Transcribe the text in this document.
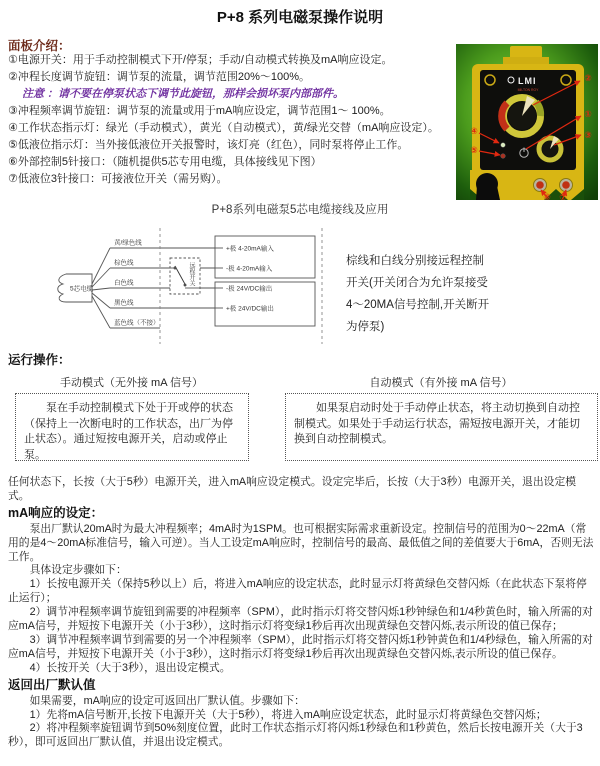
P+8 系列电磁泵操作说明
面板介绍：
①电源开关：用于手动控制模式下开/停泵；手动/自动模式转换及mA响应设定。
②冲程长度调节旋钮：调节泵的流量，调节范围20%～100%。
注意 ：请不要在停泵状态下调节此旋钮，那样会损坏泵内部部件。
③冲程频率调节旋钮：调节泵的流量或用于mA响应设定，调节范围1～ 100%。
④工作状态指示灯：绿光（手动模式），黄光（自动模式），黄/绿光交替（mA响应设定）。
⑤低液位指示灯：当外接低液位开关报警时，该灯亮（红色），同时泵将停止工作。
⑥外部控制5针接口：（随机提供5芯专用电缆，具体接线见下图）
⑦低液位3针接口：可接液位开关（需另购）。
LMI
MILTON ROY
②
①
③
④
⑤
⑥ ⑦
P+8系列电磁泵5芯电缆接线及应用
5芯电缆
黄/绿色线
棕色线
白色线
黑色线
蓝色线（不接）
远程开关
+极 4-20mA输入
-极 4-20mA输入
-极 24V/DC输出
+极 24V/DC输出
棕线和白线分别接远程控制
开关(开关闭合为允许泵接受
4～20MA信号控制,开关断开
为停泵)
运行操作：
手动模式（无外接 mA 信号）	自动模式（有外接 mA 信号）
泵在手动控制模式下处于开或停的状态（保持上一次断电时的工作状态，出厂为停止状态）。通过短按电源开关，启动或停止泵。
如果泵启动时处于手动停止状态，将主动切换到自动控制模式。如果处于手动运行状态，需短按电源开关，才能切换到自动控制模式。

任何状态下，长按（大于5秒）电源开关，进入mA响应设定模式。设定完毕后，长按（大于3秒）电源开关，退出设定模式。

mA响应的设定：

泵出厂默认20mA时为最大冲程频率；4mA时为1SPM。也可根据实际需求重新设定。控制信号的范围为0～22mA（常用的是4～20mA标准信号，输入可逆）。当人工设定mA响应时，控制信号的最高、最低值之间的差值要大于6mA，否则无法工作。

具体设定步骤如下：

1）长按电源开关（保持5秒以上）后，将进入mA响应的设定状态，此时显示灯将黄绿色交替闪烁（在此状态下泵将停止运行）；

2）调节冲程频率调节旋钮到需要的冲程频率（SPM），此时指示灯将交替闪烁1秒钟绿色和1/4秒黄色时，输入所需的对应mA信号，并短按下电源开关（小于3秒），这时指示灯将变绿1秒后再次出现黄绿色交替闪烁,表示所设的值已保存；

3）调节冲程频率调节到需要的另一个冲程频率（SPM），此时指示灯将交替闪烁1秒钟黄色和1/4秒绿色，输入所需的对应mA信号，并短按下电源开关（小于3秒），这时指示灯将变绿1秒后再次出现黄绿色交替闪烁,表示所设的值已保存。

4）长按开关（大于3秒），退出设定模式。

返回出厂默认值

如果需要，mA响应的设定可返回出厂默认值。步骤如下：

1）先将mA信号断开,长按下电源开关（大于5秒），将进入mA响应设定状态，此时显示灯将黄绿色交替闪烁；

2）将冲程频率旋钮调节到50%刻度位置，此时工作状态指示灯将闪烁1秒绿色和1秒黄色，然后长按电源开关（大于3秒），即可返回出厂默认值，并退出设定模式。
